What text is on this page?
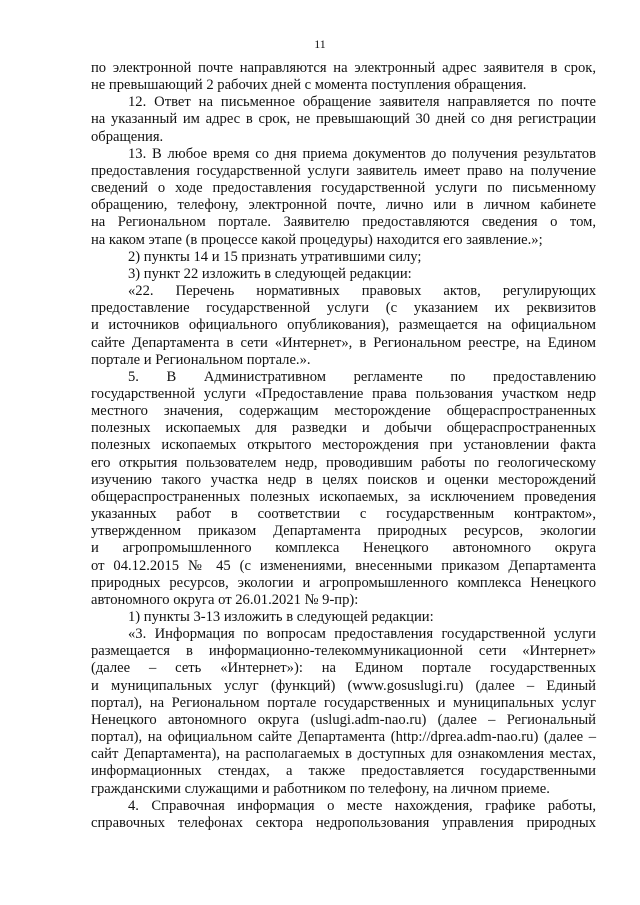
11
по электронной почте направляются на электронный адрес заявителя в срок,
не превышающий 2 рабочих дней с момента поступления обращения.
12. Ответ на письменное обращение заявителя направляется по почте
на указанный им адрес в срок, не превышающий 30 дней со дня регистрации
обращения.
13. В любое время со дня приема документов до получения результатов
предоставления государственной услуги заявитель имеет право на получение
сведений о ходе предоставления государственной услуги по письменному
обращению, телефону, электронной почте, лично или в личном кабинете
на Региональном портале. Заявителю предоставляются сведения о том,
на каком этапе (в процессе какой процедуры) находится его заявление.»;
2) пункты 14 и 15 признать утратившими силу;
3) пункт 22 изложить в следующей редакции:
«22. Перечень нормативных правовых актов, регулирующих
предоставление государственной услуги (с указанием их реквизитов
и источников официального опубликования), размещается на официальном
сайте Департамента в сети «Интернет», в Региональном реестре, на Едином
портале и Региональном портале.».
5. В Административном регламенте по предоставлению
государственной услуги «Предоставление права пользования участком недр
местного значения, содержащим месторождение общераспространенных
полезных ископаемых для разведки и добычи общераспространенных
полезных ископаемых открытого месторождения при установлении факта
его открытия пользователем недр, проводившим работы по геологическому
изучению такого участка недр в целях поисков и оценки месторождений
общераспространенных полезных ископаемых, за исключением проведения
указанных работ в соответствии с государственным контрактом»,
утвержденном приказом Департамента природных ресурсов, экологии
и агропромышленного комплекса Ненецкого автономного округа
от 04.12.2015 № 45 (с изменениями, внесенными приказом Департамента
природных ресурсов, экологии и агропромышленного комплекса Ненецкого
автономного округа от 26.01.2021 № 9-пр):
1) пункты 3-13 изложить в следующей редакции:
«3. Информация по вопросам предоставления государственной услуги
размещается в информационно-телекоммуникационной сети «Интернет»
(далее – сеть «Интернет»): на Едином портале государственных
и муниципальных услуг (функций) (www.gosuslugi.ru) (далее – Единый
портал), на Региональном портале государственных и муниципальных услуг
Ненецкого автономного округа (uslugi.adm-nao.ru) (далее – Региональный
портал), на официальном сайте Департамента (http://dprea.adm-nao.ru) (далее –
сайт Департамента), на располагаемых в доступных для ознакомления местах,
информационных стендах, а также предоставляется государственными
гражданскими служащими и работником по телефону, на личном приеме.
4. Справочная информация о месте нахождения, графике работы,
справочных телефонах сектора недропользования управления природных
